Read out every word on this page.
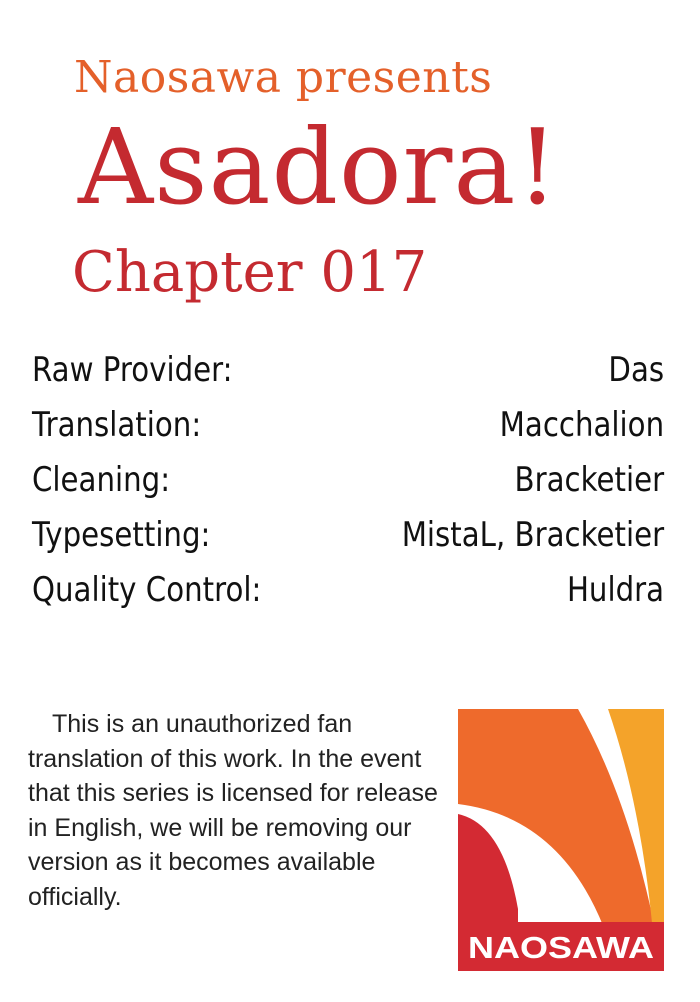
Naosawa presents
Asadora!
Chapter 017
Raw Provider:	Das
Translation:	Macchalion
Cleaning:	Bracketier
Typesetting:	MistaL, Bracketier
Quality Control:	Huldra

This is an unauthorized fan translation of this work. In the event that this series is licensed for release in English, we will be removing our version as it becomes available officially.

NAOSAWA
